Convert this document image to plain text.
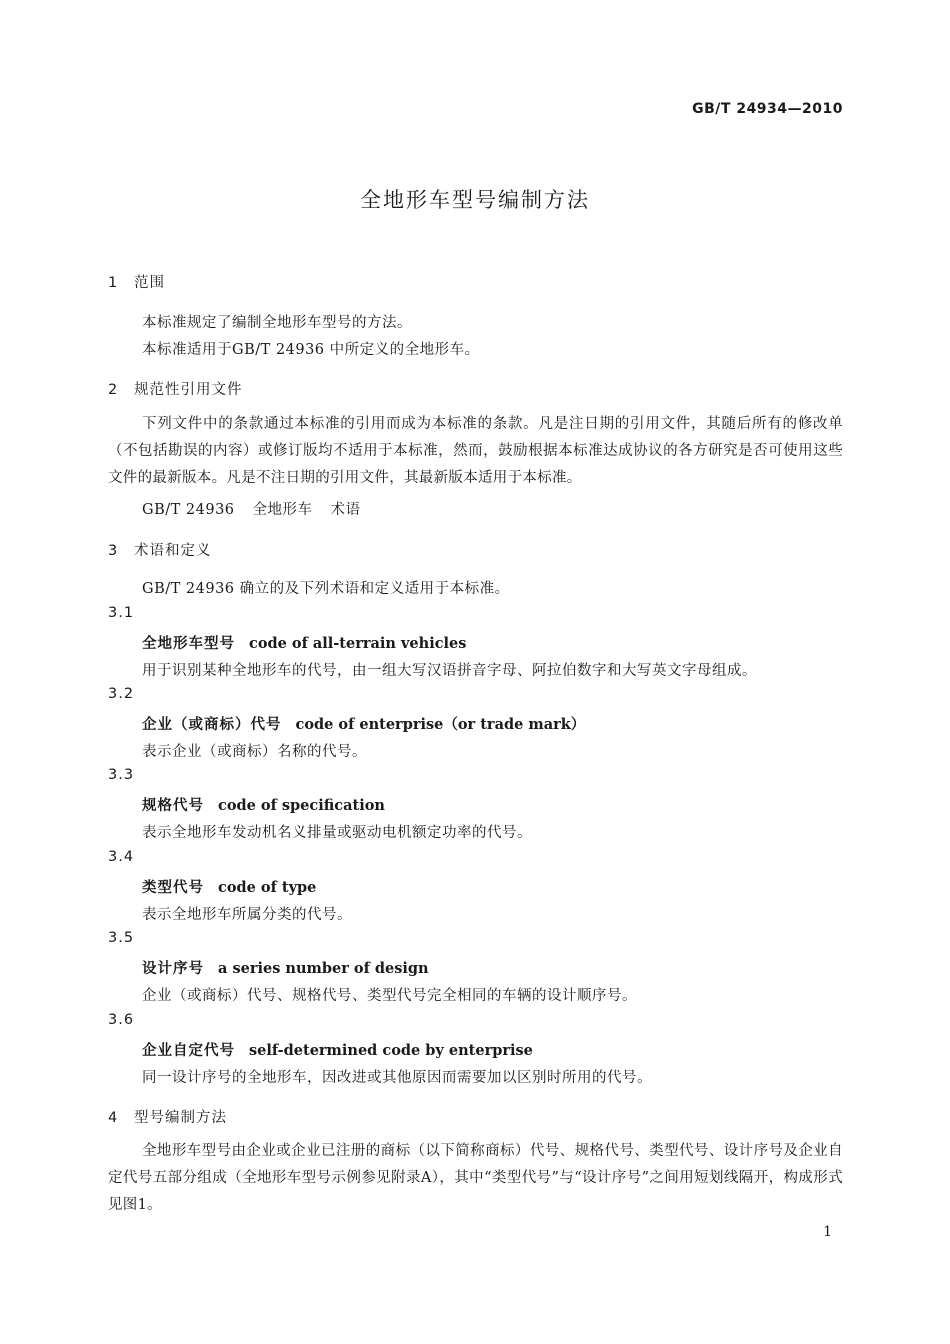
GB/T 24934—2010
全地形车型号编制方法
1 范围
本标准规定了编制全地形车型号的方法。
本标准适用于GB/T 24936 中所定义的全地形车。
2 规范性引用文件
下列文件中的条款通过本标准的引用而成为本标准的条款。凡是注日期的引用文件，其随后所有的修改单（不包括勘误的内容）或修订版均不适用于本标准，然而，鼓励根据本标准达成协议的各方研究是否可使用这些文件的最新版本。凡是不注日期的引用文件，其最新版本适用于本标准。
GB/T 24936 全地形车 术语
3 术语和定义
GB/T 24936 确立的及下列术语和定义适用于本标准。
3.1
全地形车型号 code of all-terrain vehicles
用于识别某种全地形车的代号，由一组大写汉语拼音字母、阿拉伯数字和大写英文字母组成。
3.2
企业（或商标）代号 code of enterprise（or trade mark）
表示企业（或商标）名称的代号。
3.3
规格代号 code of specification
表示全地形车发动机名义排量或驱动电机额定功率的代号。
3.4
类型代号 code of type
表示全地形车所属分类的代号。
3.5
设计序号 a series number of design
企业（或商标）代号、规格代号、类型代号完全相同的车辆的设计顺序号。
3.6
企业自定代号 self-determined code by enterprise
同一设计序号的全地形车，因改进或其他原因而需要加以区别时所用的代号。
4 型号编制方法
全地形车型号由企业或企业已注册的商标（以下简称商标）代号、规格代号、类型代号、设计序号及企业自定代号五部分组成（全地形车型号示例参见附录A），其中“类型代号”与“设计序号”之间用短划线隔开，构成形式见图1。
1
